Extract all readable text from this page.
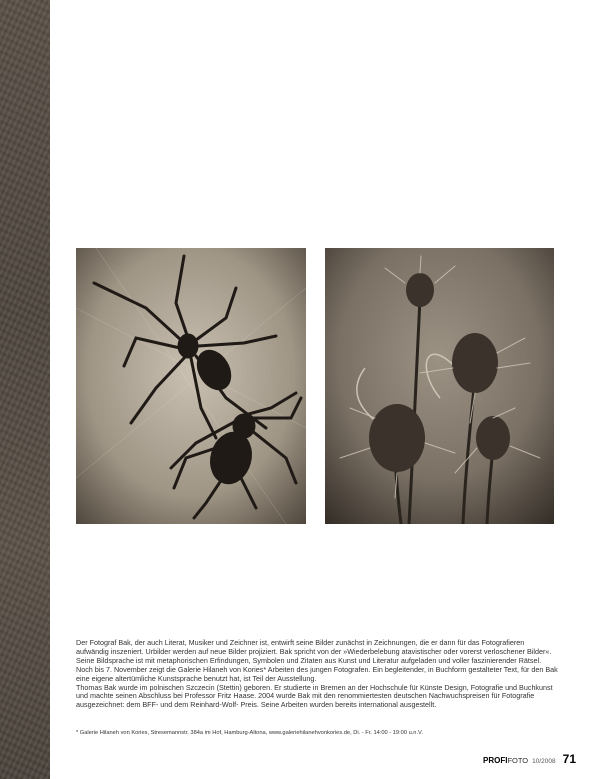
Der Fotograf Bak, der auch Literat, Musiker und Zeichner ist, entwirft seine Bilder zunächst in Zeichnungen, die er dann für das Fotografieren aufwändig inszeniert. Urbilder werden auf neue Bilder projiziert. Bak spricht von der »Wiederbelebung atavistischer oder vorerst verloschener Bilder«. Seine Bildsprache ist mit metaphorischen Erfindungen, Symbolen und Zitaten aus Kunst und Literatur aufgeladen und voller faszinierender Rätsel.

Noch bis 7. November zeigt die Galerie Hilaneh von Kories* Arbeiten des jungen Fotografen. Ein begleitender, in Buchform gestalteter Text, für den Bak eine eigene altertümliche Kunstsprache benutzt hat, ist Teil der Ausstellung.

Thomas Bak wurde im polnischen Szczecin (Stettin) geboren. Er studierte in Bremen an der Hochschule für Künste Design, Fotografie und Buchkunst und machte seinen Abschluss bei Professor Fritz Haase. 2004 wurde Bak mit den renommiertesten deutschen Nachwuchspreisen für Fotografie ausgezeichnet: dem BFF- und dem Reinhard-Wolf- Preis. Seine Arbeiten wurden bereits international ausgestellt.

* Galerie Hilaneh von Kories, Stresemannstr. 384a im Hof, Hamburg-Altona, www.galeriehilanehvonkories.de, Di. - Fr. 14:00 - 19:00 u.n.V.
PROFIFOTO 10/2008 71
